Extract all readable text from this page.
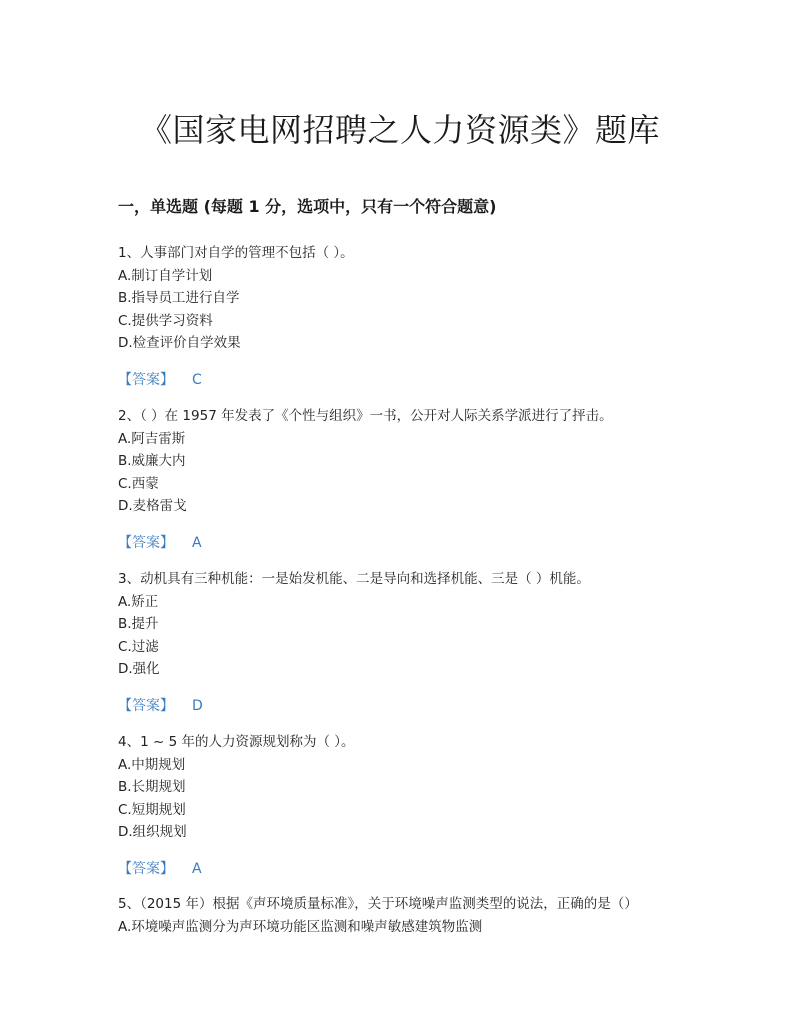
《国家电网招聘之人力资源类》题库
一，单选题 (每题 1 分，选项中，只有一个符合题意)
1、人事部门对自学的管理不包括（ ）。
A.制订自学计划
B.指导员工进行自学
C.提供学习资料
D.检查评价自学效果
【答案】 C
2、（ ）在 1957 年发表了《个性与组织》一书，公开对人际关系学派进行了抨击。
A.阿吉雷斯
B.威廉大内
C.西蒙
D.麦格雷戈
【答案】 A
3、动机具有三种机能：一是始发机能、二是导向和选择机能、三是（ ）机能。
A.矫正
B.提升
C.过滤
D.强化
【答案】 D
4、1 ~ 5 年的人力资源规划称为（ ）。
A.中期规划
B.长期规划
C.短期规划
D.组织规划
【答案】 A
5、（2015 年）根据《声环境质量标准》，关于环境噪声监测类型的说法，正确的是（）
A.环境噪声监测分为声环境功能区监测和噪声敏感建筑物监测
